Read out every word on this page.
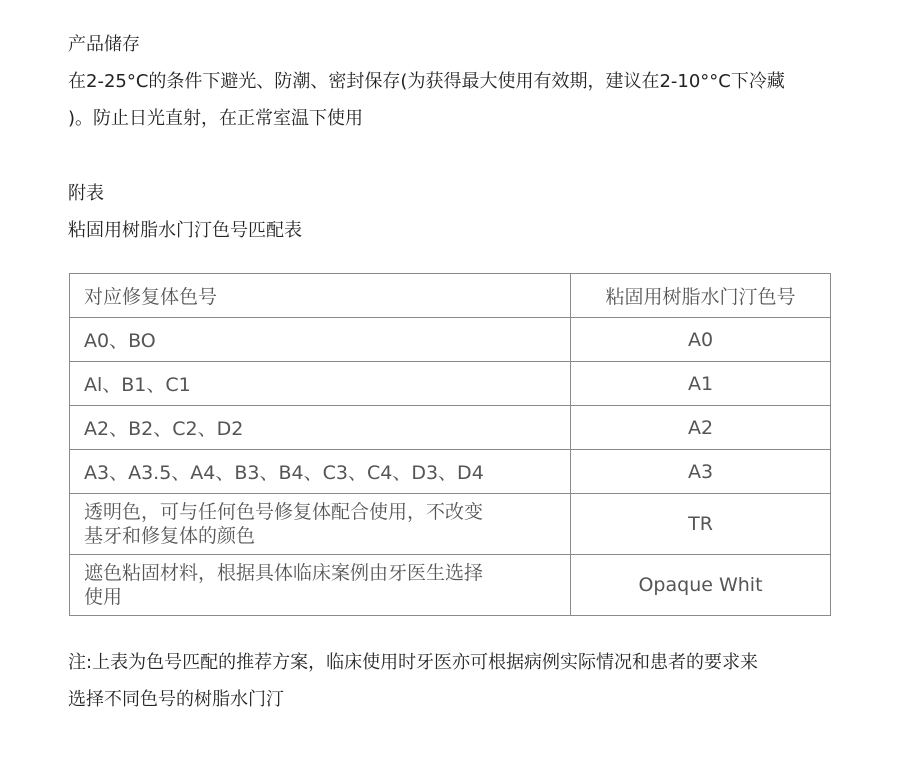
产品储存
在2-25°C的条件下避光、防潮、密封保存(为获得最大使用有效期，建议在2-10°°C下冷藏
)。防止日光直射，在正常室温下使用
附表
粘固用树脂水门汀色号匹配表
对应修复体色号	粘固用树脂水门汀色号
A0、BO	A0
Al、B1、C1	A1
A2、B2、C2、D2	A2
A3、A3.5、A4、B3、B4、C3、C4、D3、D4	A3

透明色，可与任何色号修复体配合使用，不改变
基牙和修复体的颜色	TR

遮色粘固材料，根据具体临床案例由牙医生选择
使用	Opaque Whit
注:上表为色号匹配的推荐方案，临床使用时牙医亦可根据病例实际情况和患者的要求来
选择不同色号的树脂水门汀
